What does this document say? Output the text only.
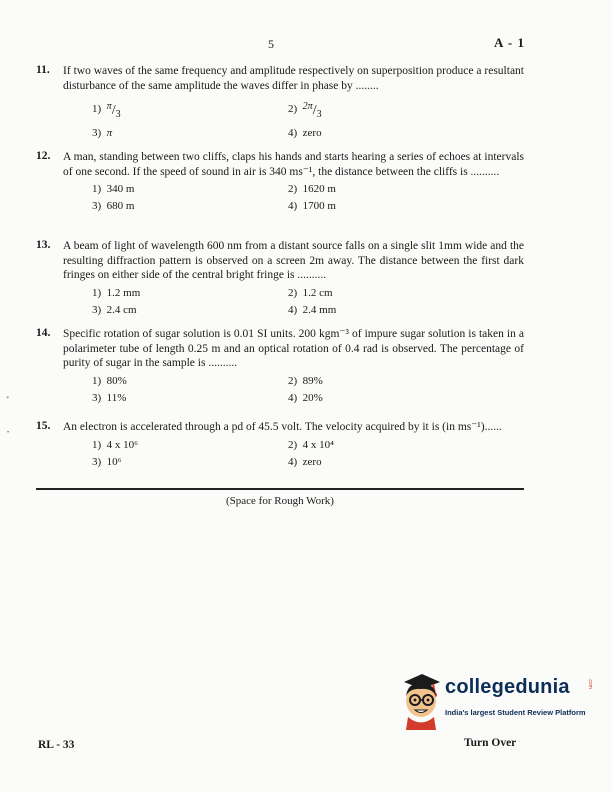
5	A - 1
11. If two waves of the same frequency and amplitude respectively on superposition produce a resultant disturbance of the same amplitude the waves differ in phase by ........
1) π/3	2) 2π/3
3) π	4) zero
12. A man, standing between two cliffs, claps his hands and starts hearing a series of echoes at intervals of one second. If the speed of sound in air is 340 ms⁻¹, the distance between the cliffs is ..........
1) 340 m	2) 1620 m
3) 680 m	4) 1700 m
13. A beam of light of wavelength 600 nm from a distant source falls on a single slit 1mm wide and the resulting diffraction pattern is observed on a screen 2m away. The distance between the first dark fringes on either side of the central bright fringe is ..........
1) 1.2 mm	2) 1.2 cm
3) 2.4 cm	4) 2.4 mm
14. Specific rotation of sugar solution is 0.01 SI units. 200 kgm⁻³ of impure sugar solution is taken in a polarimeter tube of length 0.25 m and an optical rotation of 0.4 rad is observed. The percentage of purity of sugar in the sample is ..........
1) 80%	2) 89%
3) 11%	4) 20%
15. An electron is accelerated through a pd of 45.5 volt. The velocity acquired by it is (in ms⁻¹)......
1) 4 x 10⁶	2) 4 x 10⁴
3) 10⁶	4) zero
(Space for Rough Work)
ﾞ
•
collegedunia	.com
India's largest Student Review Platform
RL - 33	Turn Over
